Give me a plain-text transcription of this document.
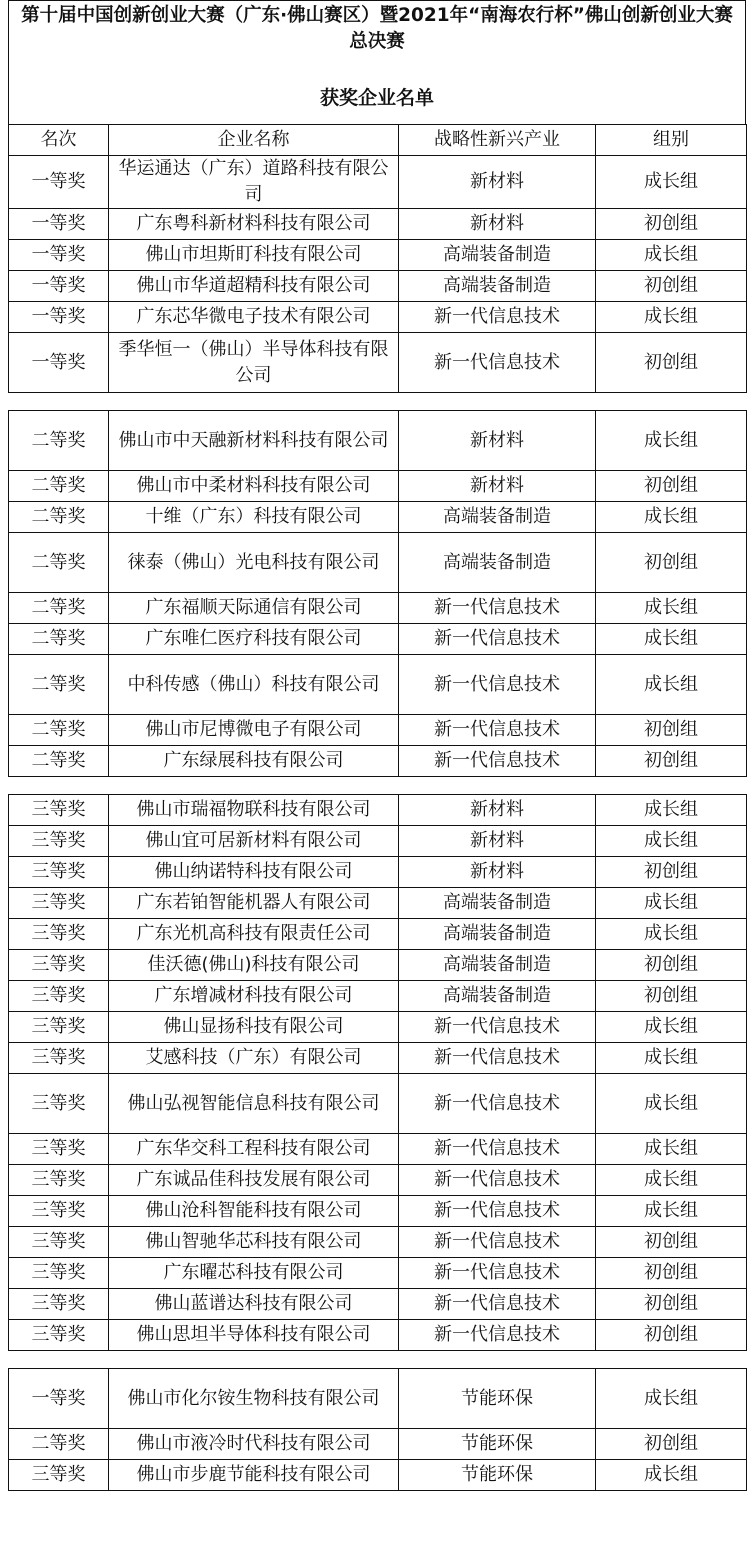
第十届中国创新创业大赛（广东·佛山赛区）暨2021年“南海农行杯”佛山创新创业大赛总决赛
获奖企业名单
名次	企业名称	战略性新兴产业	组别
一等奖	华运通达（广东）道路科技有限公司	新材料	成长组
一等奖	广东粤科新材料科技有限公司	新材料	初创组
一等奖	佛山市坦斯盯科技有限公司	高端装备制造	成长组
一等奖	佛山市华道超精科技有限公司	高端装备制造	初创组
一等奖	广东芯华微电子技术有限公司	新一代信息技术	成长组
一等奖	季华恒一（佛山）半导体科技有限公司	新一代信息技术	初创组

二等奖	佛山市中天融新材料科技有限公司	新材料	成长组
二等奖	佛山市中柔材料科技有限公司	新材料	初创组
二等奖	十维（广东）科技有限公司	高端装备制造	成长组
二等奖	徕泰（佛山）光电科技有限公司	高端装备制造	初创组
二等奖	广东福顺天际通信有限公司	新一代信息技术	成长组
二等奖	广东唯仁医疗科技有限公司	新一代信息技术	成长组
二等奖	中科传感（佛山）科技有限公司	新一代信息技术	成长组
二等奖	佛山市尼博微电子有限公司	新一代信息技术	初创组
二等奖	广东绿展科技有限公司	新一代信息技术	初创组

三等奖	佛山市瑞福物联科技有限公司	新材料	成长组
三等奖	佛山宜可居新材料有限公司	新材料	成长组
三等奖	佛山纳诺特科技有限公司	新材料	初创组
三等奖	广东若铂智能机器人有限公司	高端装备制造	成长组
三等奖	广东光机高科技有限责任公司	高端装备制造	成长组
三等奖	佳沃德(佛山)科技有限公司	高端装备制造	初创组
三等奖	广东增减材科技有限公司	高端装备制造	初创组
三等奖	佛山显扬科技有限公司	新一代信息技术	成长组
三等奖	艾感科技（广东）有限公司	新一代信息技术	成长组
三等奖	佛山弘视智能信息科技有限公司	新一代信息技术	成长组
三等奖	广东华交科工程科技有限公司	新一代信息技术	成长组
三等奖	广东诚品佳科技发展有限公司	新一代信息技术	成长组
三等奖	佛山沧科智能科技有限公司	新一代信息技术	成长组
三等奖	佛山智驰华芯科技有限公司	新一代信息技术	初创组
三等奖	广东曜芯科技有限公司	新一代信息技术	初创组
三等奖	佛山蓝谱达科技有限公司	新一代信息技术	初创组
三等奖	佛山思坦半导体科技有限公司	新一代信息技术	初创组

一等奖	佛山市化尔铵生物科技有限公司	节能环保	成长组
二等奖	佛山市液冷时代科技有限公司	节能环保	初创组
三等奖	佛山市步鹿节能科技有限公司	节能环保	成长组
